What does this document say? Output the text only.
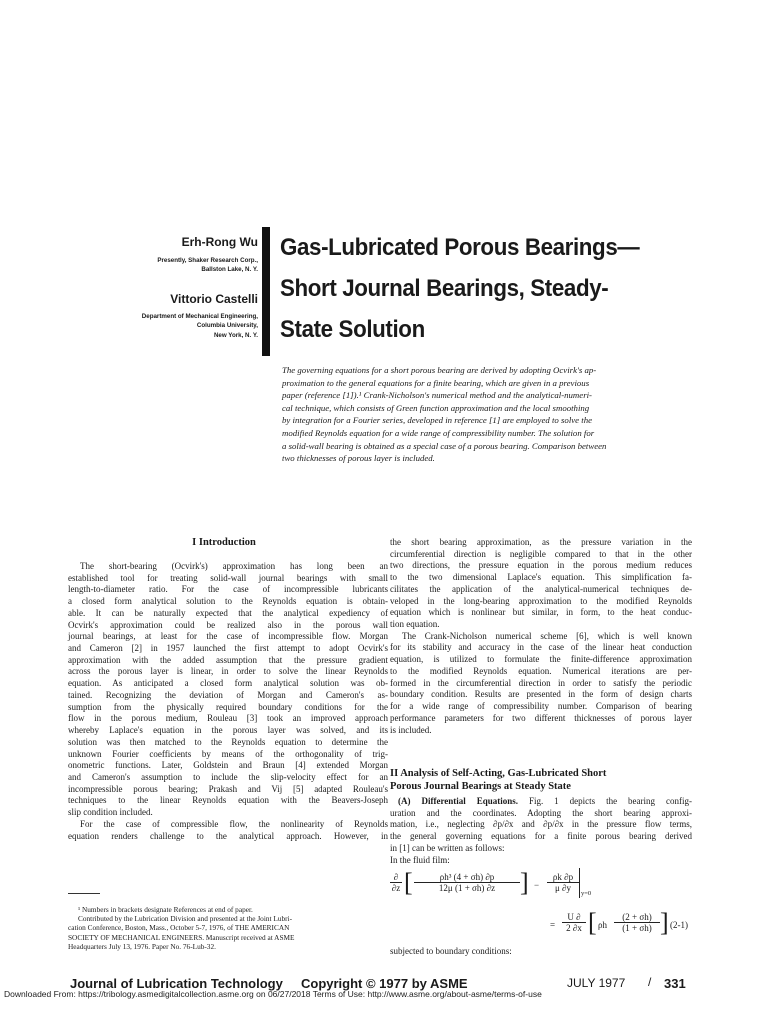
Erh-Rong Wu
Presently, Shaker Research Corp.,
Ballston Lake, N. Y.
Vittorio Castelli
Department of Mechanical Engineering,
Columbia University,
New York, N. Y.
Gas-Lubricated Porous Bearings—
Short Journal Bearings, Steady-
State Solution
The governing equations for a short porous bearing are derived by adopting Ocvirk's ap-
proximation to the general equations for a finite bearing, which are given in a previous
paper (reference [1]).¹ Crank-Nicholson's numerical method and the analytical-numeri-
cal technique, which consists of Green function approximation and the local smoothing
by integration for a Fourier series, developed in reference [1] are employed to solve the
modified Reynolds equation for a wide range of compressibility number. The solution for
a solid-wall bearing is obtained as a special case of a porous bearing. Comparison between
two thicknesses of porous layer is included.
I Introduction
The short-bearing (Ocvirk's) approximation has long been an
established tool for treating solid-wall journal bearings with small
length-to-diameter ratio. For the case of incompressible lubricants
a closed form analytical solution to the Reynolds equation is obtain-
able. It can be naturally expected that the analytical expediency of
Ocvirk's approximation could be realized also in the porous wall
journal bearings, at least for the case of incompressible flow. Morgan
and Cameron [2] in 1957 launched the first attempt to adopt Ocvirk's
approximation with the added assumption that the pressure gradient
across the porous layer is linear, in order to solve the linear Reynolds
equation. As anticipated a closed form analytical solution was ob-
tained. Recognizing the deviation of Morgan and Cameron's as-
sumption from the physically required boundary conditions for the
flow in the porous medium, Rouleau [3] took an improved approach
whereby Laplace's equation in the porous layer was solved, and its
solution was then matched to the Reynolds equation to determine the
unknown Fourier coefficients by means of the orthogonality of trig-
onometric functions. Later, Goldstein and Braun [4] extended Morgan
and Cameron's assumption to include the slip-velocity effect for an
incompressible porous bearing; Prakash and Vij [5] adapted Rouleau's
techniques to the linear Reynolds equation with the Beavers-Joseph
slip condition included.
For the case of compressible flow, the nonlinearity of Reynolds
equation renders challenge to the analytical approach. However, in
¹ Numbers in brackets designate References at end of paper.
Contributed by the Lubrication Division and presented at the Joint Lubri-
cation Conference, Boston, Mass., October 5-7, 1976, of THE AMERICAN
SOCIETY OF MECHANICAL ENGINEERS. Manuscript received at ASME
Headquarters July 13, 1976. Paper No. 76-Lub-32.
the short bearing approximation, as the pressure variation in the
circumferential direction is negligible compared to that in the other
two directions, the pressure equation in the porous medium reduces
to the two dimensional Laplace's equation. This simplification fa-
cilitates the application of the analytical-numerical techniques de-
veloped in the long-bearing approximation to the modified Reynolds
equation which is nonlinear but similar, in form, to the heat conduc-
tion equation.
The Crank-Nicholson numerical scheme [6], which is well known
for its stability and accuracy in the case of the linear heat conduction
equation, is utilized to formulate the finite-difference approximation
to the modified Reynolds equation. Numerical iterations are per-
formed in the circumferential direction in order to satisfy the periodic
boundary condition. Results are presented in the form of design charts
for a wide range of compressibility number. Comparison of bearing
performance parameters for two different thicknesses of porous layer
is included.
II Analysis of Self-Acting, Gas-Lubricated Short
Porous Journal Bearings at Steady State
(A) Differential Equations. Fig. 1 depicts the bearing config-
uration and the coordinates. Adopting the short bearing approxi-
mation, i.e., neglecting ∂p/∂x and ∂p/∂x in the pressure flow terms,
the general governing equations for a finite porous bearing derived
in [1] can be written as follows:
In the fluid film:
∂
∂z [	ρh³ (4 + σh) ∂p
12μ (1 + σh) ∂z ] −
ρk ∂p
μ ∂y
y=0
=
U ∂
2 ∂x [ ρh
(2 + σh)
(1 + σh) ] (2-1)
subjected to boundary conditions:
Journal of Lubrication Technology Copyright © 1977 by ASME	JULY 1977 / 331
Downloaded From: https://tribology.asmedigitalcollection.asme.org on 06/27/2018 Terms of Use: http://www.asme.org/about-asme/terms-of-use
